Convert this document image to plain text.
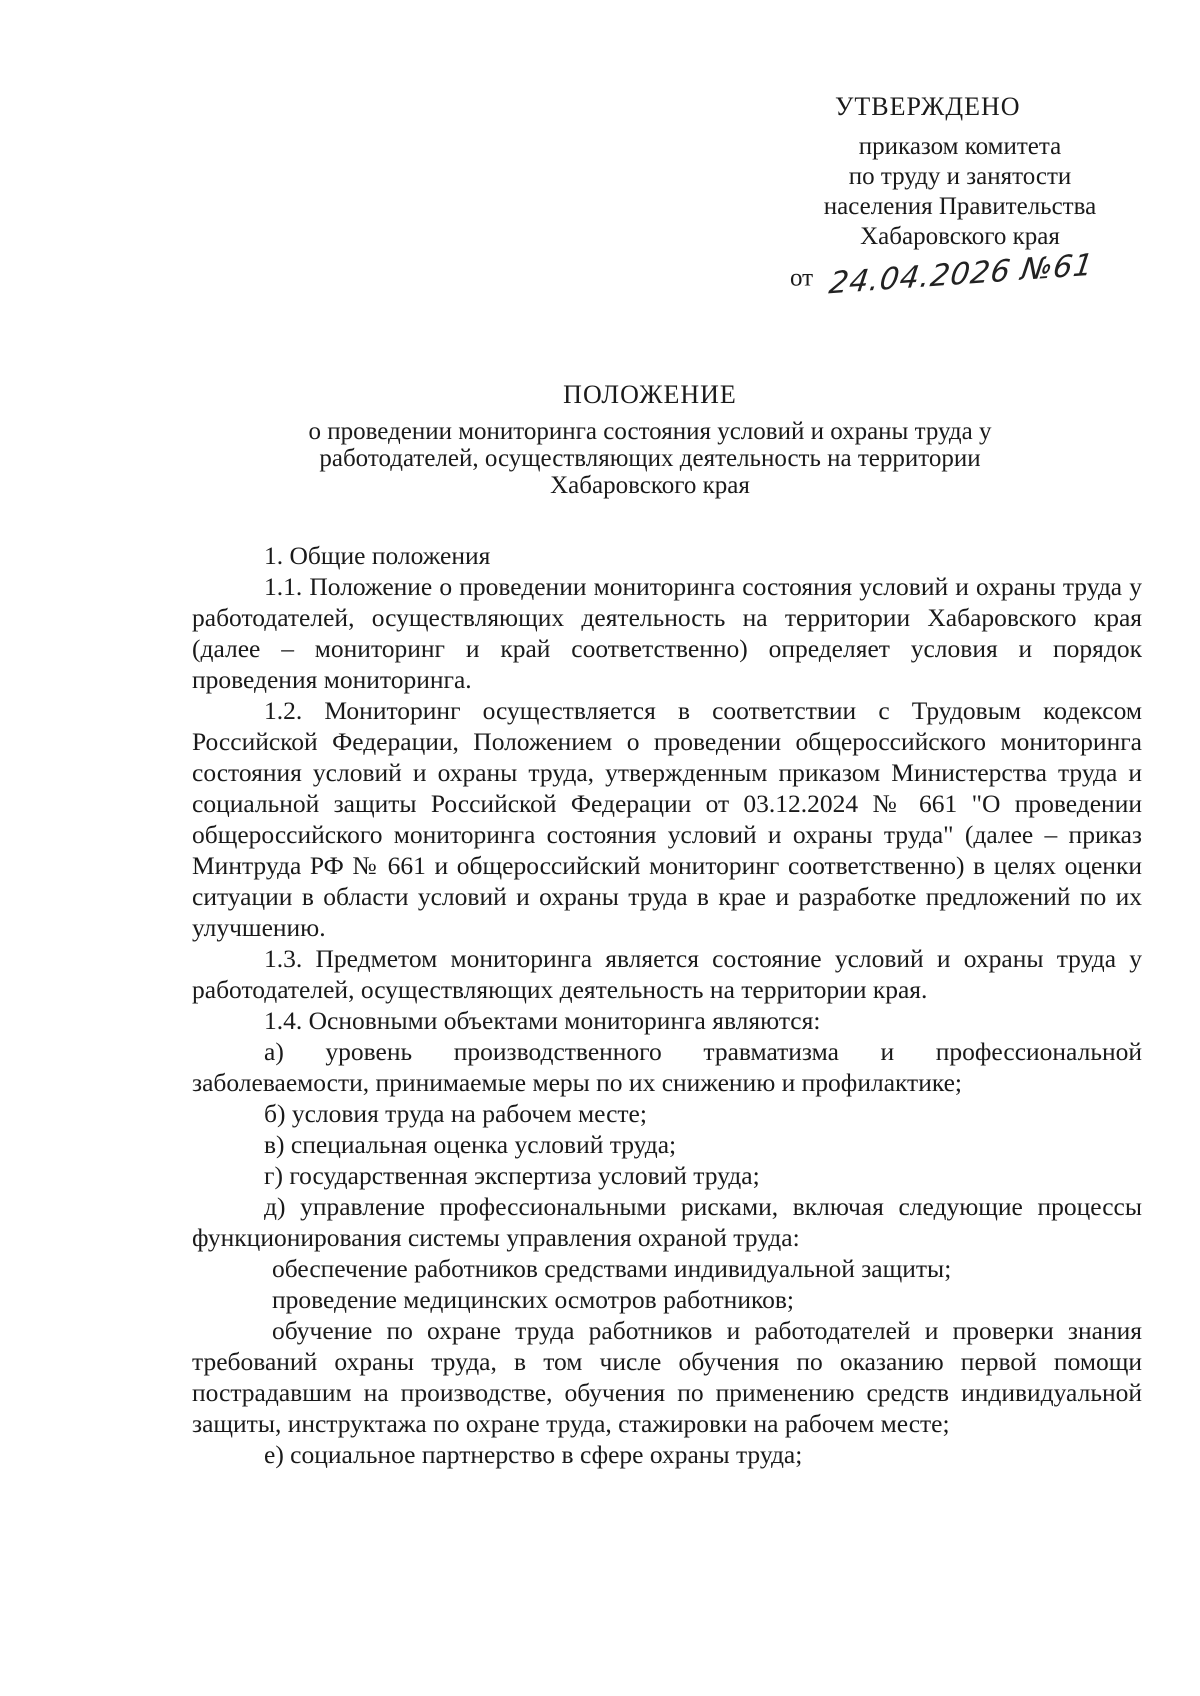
УТВЕРЖДЕНО
приказом комитета
по труду и занятости
населения Правительства
Хабаровского края
от 24.04.2026 №61
ПОЛОЖЕНИЕ
о проведении мониторинга состояния условий и охраны труда у
работодателей, осуществляющих деятельность на территории
Хабаровского края

1. Общие положения

1.1. Положение о проведении мониторинга состояния условий и охраны труда у работодателей, осуществляющих деятельность на территории Хабаровского края (далее – мониторинг и край соответственно) определяет условия и порядок проведения мониторинга.

1.2. Мониторинг осуществляется в соответствии с Трудовым кодексом Российской Федерации, Положением о проведении общероссийского мониторинга состояния условий и охраны труда, утвержденным приказом Министерства труда и социальной защиты Российской Федерации от 03.12.2024 № 661 "О проведении общероссийского мониторинга состояния условий и охраны труда" (далее – приказ Минтруда РФ № 661 и общероссийский мониторинг соответственно) в целях оценки ситуации в области условий и охраны труда в крае и разработке предложений по их улучшению.

1.3. Предметом мониторинга является состояние условий и охраны труда у работодателей, осуществляющих деятельность на территории края.

1.4. Основными объектами мониторинга являются:

а) уровень производственного травматизма и профессиональной заболеваемости, принимаемые меры по их снижению и профилактике;

б) условия труда на рабочем месте;

в) специальная оценка условий труда;

г) государственная экспертиза условий труда;

д) управление профессиональными рисками, включая следующие процессы функционирования системы управления охраной труда:

обеспечение работников средствами индивидуальной защиты;

проведение медицинских осмотров работников;

обучение по охране труда работников и работодателей и проверки знания требований охраны труда, в том числе обучения по оказанию первой помощи пострадавшим на производстве, обучения по применению средств индивидуальной защиты, инструктажа по охране труда, стажировки на рабочем месте;

е) социальное партнерство в сфере охраны труда;
